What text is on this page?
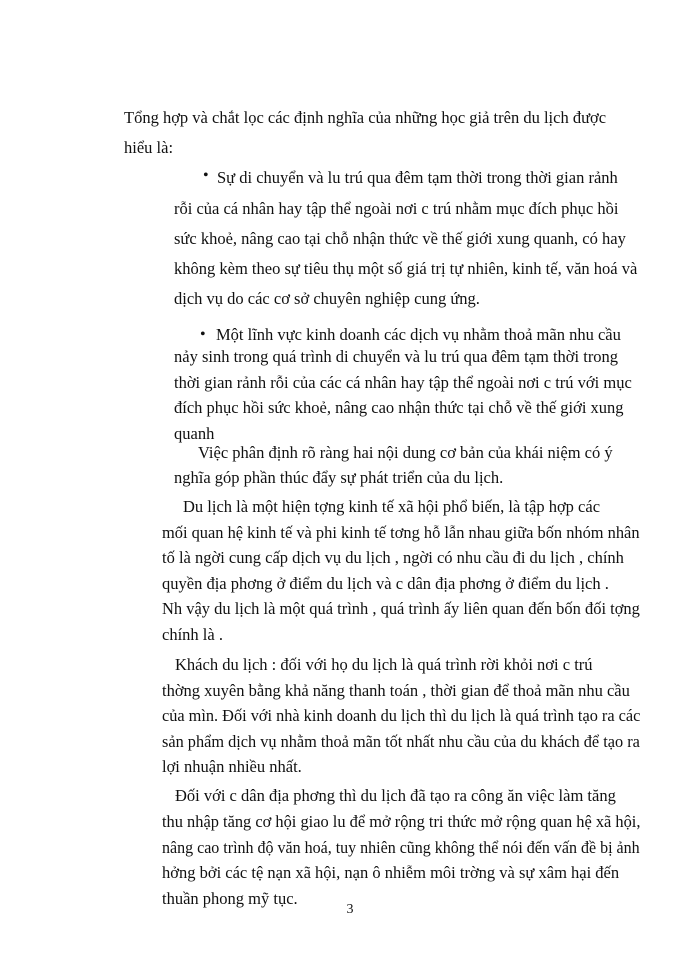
Tổng hợp và chắt lọc các định nghĩa của những học giả trên du lịch được
hiểu là:
• Sự di chuyển và lu trú qua đêm tạm thời trong thời gian rảnh
rỗi của cá nhân hay tập thể ngoài nơi c trú nhằm mục đích phục hồi
sức khoẻ, nâng cao tại chỗ nhận thức về thế giới xung quanh, có hay
không kèm theo sự tiêu thụ một số giá trị tự nhiên, kinh tế, văn hoá và
dịch vụ do các cơ sở chuyên nghiệp cung ứng.
• Một lĩnh vực kinh doanh các dịch vụ nhằm thoả mãn nhu cầu
nảy sinh trong quá trình di chuyển và lu trú qua đêm tạm thời trong
thời gian rảnh rỗi của các cá nhân hay tập thể ngoài nơi c trú với mục
đích phục hồi sức khoẻ, nâng cao nhận thức tại chỗ về thế giới xung
quanh
Việc phân định rõ ràng hai nội dung cơ bản của khái niệm có ý
nghĩa góp phần thúc đẩy sự phát triển của du lịch.
Du lịch là một hiện tợng kinh tế xã hội phổ biến, là tập hợp các
mối quan hệ kinh tế và phi kinh tế tơng hỗ lẫn nhau giữa bốn nhóm nhân
tố là ngời cung cấp dịch vụ du lịch , ngời có nhu cầu đi du lịch , chính
quyền địa phơng ở điểm du lịch và c dân địa phơng ở điểm du lịch .
Nh vậy du lịch là một quá trình , quá trình ấy liên quan đến bốn đối tợng
chính là .
Khách du lịch : đối với họ du lịch là quá trình rời khỏi nơi c trú
thờng xuyên bằng khả năng thanh toán , thời gian để thoả mãn nhu cầu
của mìn. Đối với nhà kinh doanh du lịch thì du lịch là quá trình tạo ra các
sản phẩm dịch vụ nhằm thoả mãn tốt nhất nhu cầu của du khách để tạo ra
lợi nhuận nhiều nhất.
Đối với c dân địa phơng thì du lịch đã tạo ra công ăn việc làm tăng
thu nhập tăng cơ hội giao lu để mở rộng tri thức mở rộng quan hệ xã hội,
nâng cao trình độ văn hoá, tuy nhiên cũng không thể nói đến vấn đề bị ảnh
hởng bởi các tệ nạn xã hội, nạn ô nhiễm môi trờng và sự xâm hại đến
thuần phong mỹ tục.
3
